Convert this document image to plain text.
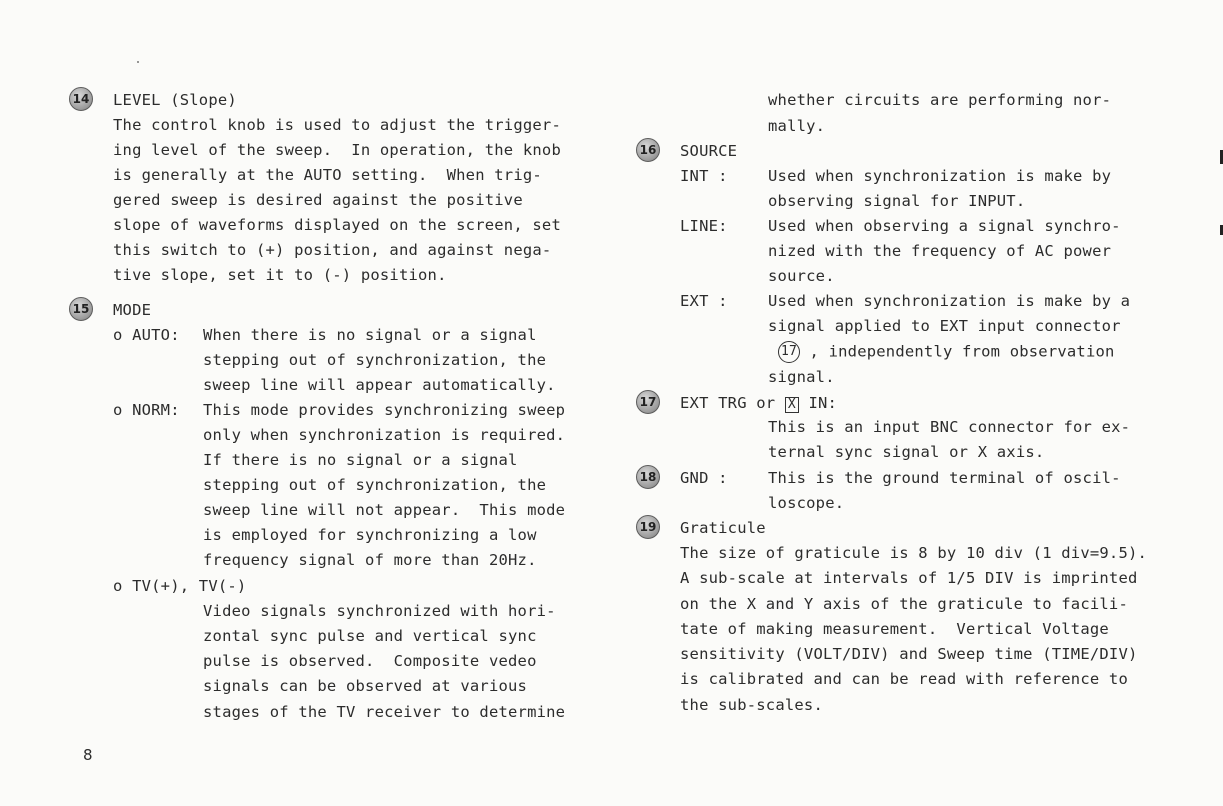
14 LEVEL (Slope)
The control knob is used to adjust the trigger-
ing level of the sweep.  In operation, the knob
is generally at the AUTO setting.  When trig-
gered sweep is desired against the positive
slope of waveforms displayed on the screen, set
this switch to (+) position, and against nega-
tive slope, set it to (-) position.
15 MODE
o AUTO: When there is no signal or a signal
stepping out of synchronization, the
sweep line will appear automatically.
o NORM: This mode provides synchronizing sweep
only when synchronization is required.
If there is no signal or a signal
stepping out of synchronization, the
sweep line will not appear.  This mode
is employed for synchronizing a low
frequency signal of more than 20Hz.
o TV(+), TV(-)
Video signals synchronized with hori-
zontal sync pulse and vertical sync
pulse is observed.  Composite vedeo
signals can be observed at various
stages of the TV receiver to determine
whether circuits are performing nor-
mally.
16 SOURCE
INT :	Used when synchronization is make by
observing signal for INPUT.
LINE:	Used when observing a signal synchro-
nized with the frequency of AC power
source.
EXT :	Used when synchronization is make by a
signal applied to EXT input connector
17 , independently from observation
signal.
17 EXT TRG or X IN:
This is an input BNC connector for ex-
ternal sync signal or X axis.
18 GND :	This is the ground terminal of oscil-
loscope.
19 Graticule
The size of graticule is 8 by 10 div (1 div=9.5).
A sub-scale at intervals of 1/5 DIV is imprinted
on the X and Y axis of the graticule to facili-
tate of making measurement.  Vertical Voltage
sensitivity (VOLT/DIV) and Sweep time (TIME/DIV)
is calibrated and can be read with reference to
the sub-scales.
8
